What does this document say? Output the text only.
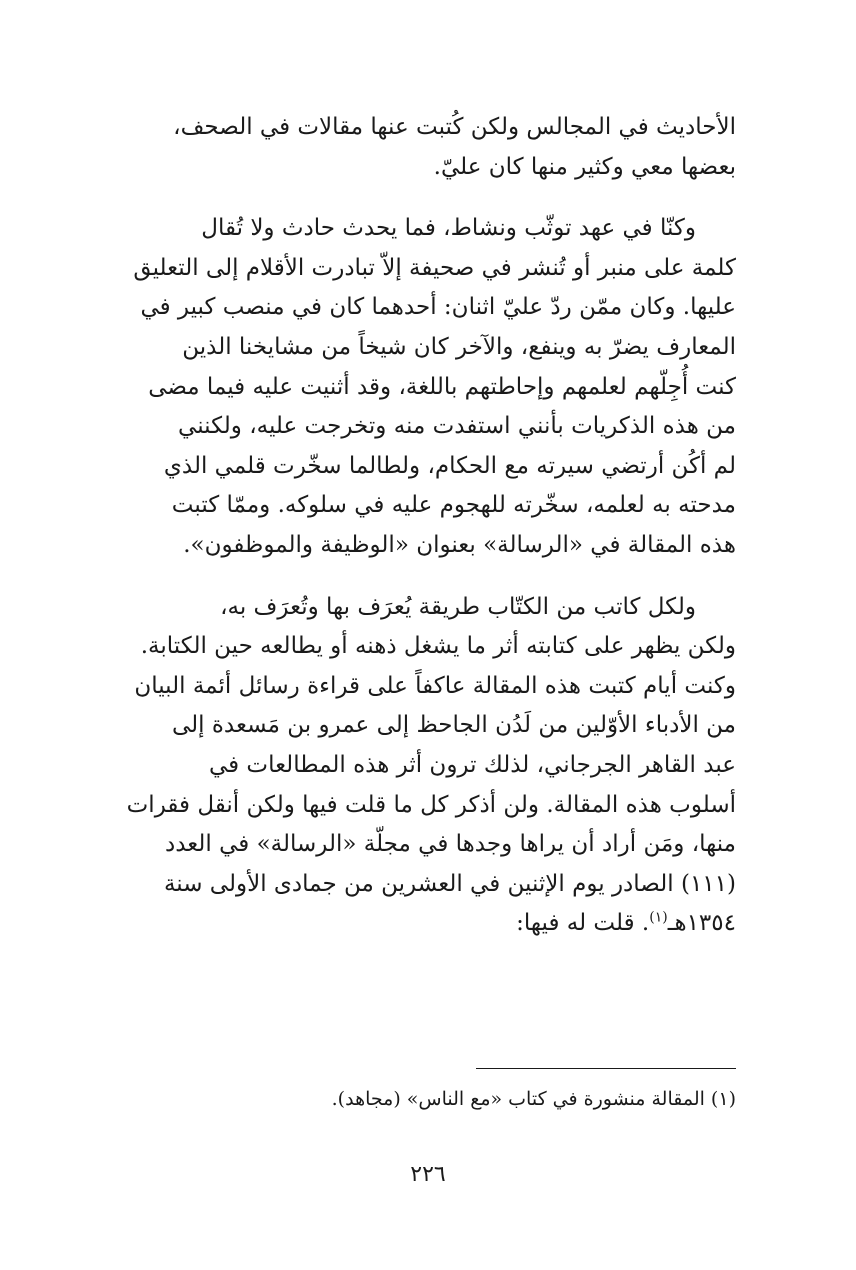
الأحاديث في المجالس ولكن كُتبت عنها مقالات في الصحف،
بعضها معي وكثير منها كان عليّ.

وكنّا في عهد توثّب ونشاط، فما يحدث حادث ولا تُقال
كلمة على منبر أو تُنشر في صحيفة إلاّ تبادرت الأقلام إلى التعليق
عليها. وكان ممّن ردّ عليّ اثنان: أحدهما كان في منصب كبير في
المعارف يضرّ به وينفع، والآخر كان شيخاً من مشايخنا الذين
كنت أُجِلّهم لعلمهم وإحاطتهم باللغة، وقد أثنيت عليه فيما مضى
من هذه الذكريات بأنني استفدت منه وتخرجت عليه، ولكنني
لم أكُن أرتضي سيرته مع الحكام، ولطالما سخّرت قلمي الذي
مدحته به لعلمه، سخّرته للهجوم عليه في سلوكه. وممّا كتبت
هذه المقالة في «الرسالة» بعنوان «الوظيفة والموظفون».

ولكل كاتب من الكتّاب طريقة يُعرَف بها وتُعرَف به،
ولكن يظهر على كتابته أثر ما يشغل ذهنه أو يطالعه حين الكتابة.
وكنت أيام كتبت هذه المقالة عاكفاً على قراءة رسائل أئمة البيان
من الأدباء الأوّلين من لَدُن الجاحظ إلى عمرو بن مَسعدة إلى
عبد القاهر الجرجاني، لذلك ترون أثر هذه المطالعات في
أسلوب هذه المقالة. ولن أذكر كل ما قلت فيها ولكن أنقل فقرات
منها، ومَن أراد أن يراها وجدها في مجلّة «الرسالة» في العدد
(١١١) الصادر يوم الإثنين في العشرين من جمادى الأولى سنة
١٣٥٤هـ$^{(١)}$. قلت له فيها:

(١) المقالة منشورة في كتاب «مع الناس» (مجاهد).

٢٢٦
